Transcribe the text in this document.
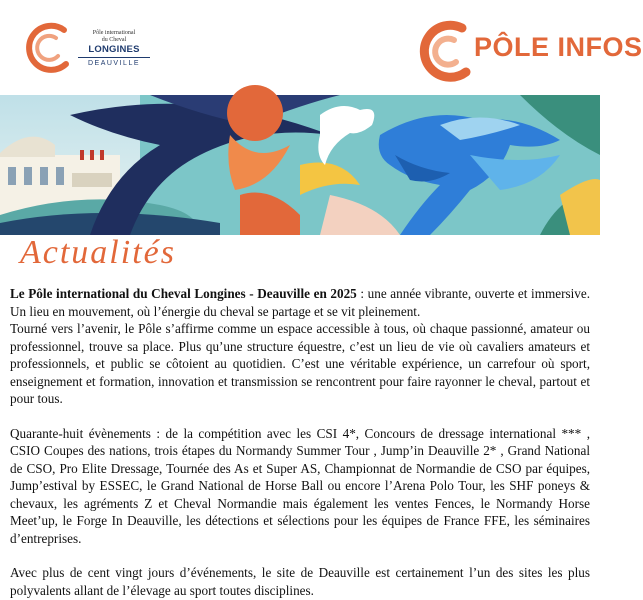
Pôle international
du Cheval
LONGINES
DEAUVILLE
PÔLE INFOS
Actualités

Le Pôle international du Cheval Longines - Deauville en 2025 : une année vibrante, ouverte et immersive. Un lieu en mouvement, où l’énergie du cheval se partage et se vit pleinement.

Tourné vers l’avenir, le Pôle s’affirme comme un espace accessible à tous, où chaque passionné, amateur ou professionnel, trouve sa place. Plus qu’une structure équestre, c’est un lieu de vie où cavaliers amateurs et professionnels, et public se côtoient au quotidien. C’est une véritable expérience, un carrefour où sport, enseignement et formation, innovation et transmission se rencontrent pour faire rayonner le cheval, partout et pour tous.

Quarante-huit évènements : de la compétition avec les CSI 4*, Concours de dressage international *** , CSIO Coupes des nations, trois étapes du Normandy Summer Tour , Jump’in Deauville 2* , Grand National de CSO, Pro Elite Dressage, Tournée des As et Super AS, Championnat de Normandie de CSO par équipes, Jump’estival by ESSEC, le Grand National de Horse Ball ou encore l’Arena Polo Tour, les SHF poneys & chevaux, les agréments Z et Cheval Normandie mais également les ventes Fences, le Normandy Horse Meet’up, le Forge In Deauville, les détections et sélections pour les équipes de France FFE, les séminaires d’entreprises.

Avec plus de cent vingt jours d’événements, le site de Deauville est certainement l’un des sites les plus polyvalents allant de l’élevage au sport toutes disciplines.
